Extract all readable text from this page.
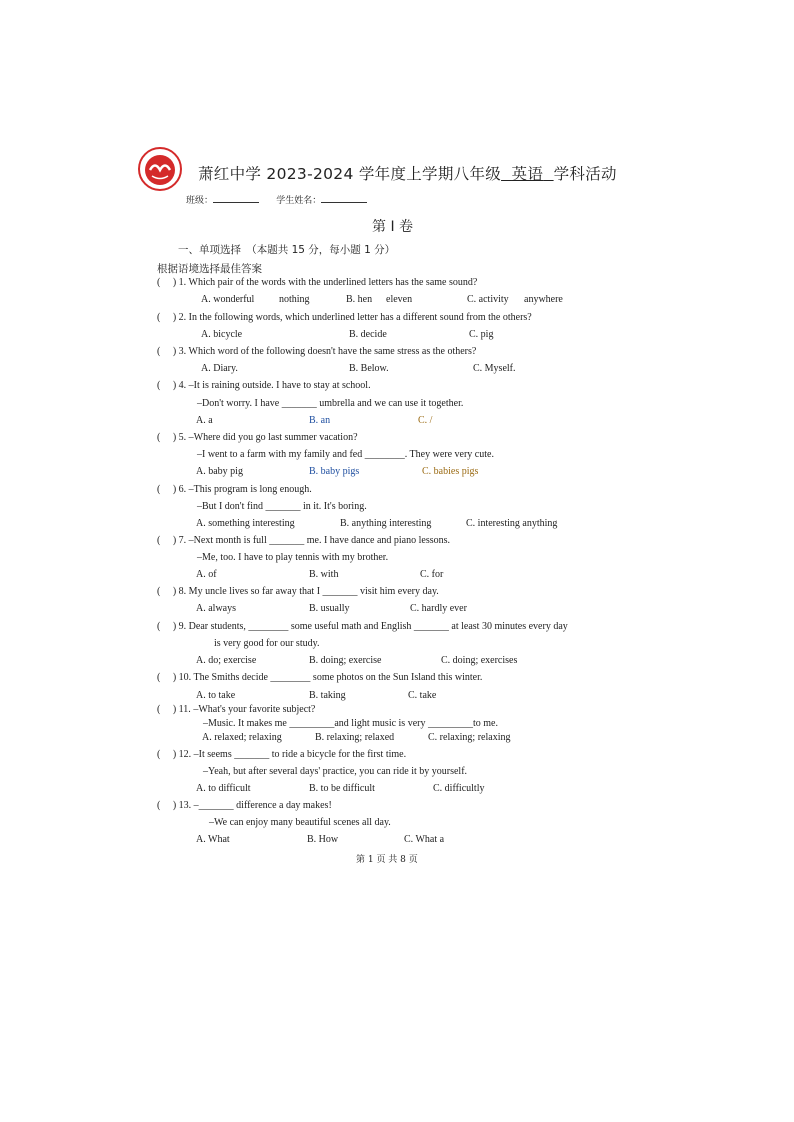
萧红中学 2023-2024 学年度上学期八年级 英语 学科活动
班级：	学生姓名：
第 I 卷
一、单项选择　（本题共 15 分，每小题 1 分）
根据语境选择最佳答案
(     ) 1. Which pair of the words with the underlined letters has the same sound?
A. wonderful nothing	B. hen eleven	C. activity anywhere
(     ) 2. In the following words, which underlined letter has a different sound from the others?
A. bicycle	B. decide	C. pig
(     ) 3. Which word of the following doesn't have the same stress as the others?
A. Diary.	B. Below.	C. Myself.
(     ) 4. –It is raining outside. I have to stay at school.
–Don't worry. I have _______ umbrella and we can use it together.
A. a	B. an	C. /
(     ) 5. –Where did you go last summer vacation?
–I went to a farm with my family and fed ________. They were very cute.
A. baby pig	B. baby pigs	C. babies pigs
(     ) 6. –This program is long enough.
–But I don't find _______ in it. It's boring.
A. something interesting	B. anything interesting	C. interesting anything
(     ) 7. –Next month is full _______ me. I have dance and piano lessons.
–Me, too. I have to play tennis with my brother.
A. of	B. with	C. for
(     ) 8. My uncle lives so far away that I _______ visit him every day.
A. always	B. usually	C. hardly ever
(     ) 9. Dear students, ________ some useful math and English _______ at least 30 minutes every day
is very good for our study.
A. do; exercise	B. doing; exercise	C. doing; exercises
(     ) 10. The Smiths decide ________ some photos on the Sun Island this winter.
A. to take	B. taking	C. take
(     ) 11. –What's your favorite subject?
–Music. It makes me _________and light music is very _________to me.
A. relaxed; relaxing	B. relaxing; relaxed	C. relaxing; relaxing
(     ) 12. –It seems _______ to ride a bicycle for the first time.
–Yeah, but after several days' practice, you can ride it by yourself.
A. to difficult	B. to be difficult	C. difficultly
(     ) 13. –_______ difference a day makes!
–We can enjoy many beautiful scenes all day.
A. What	B. How	C. What a
第 1 页 共 8 页
